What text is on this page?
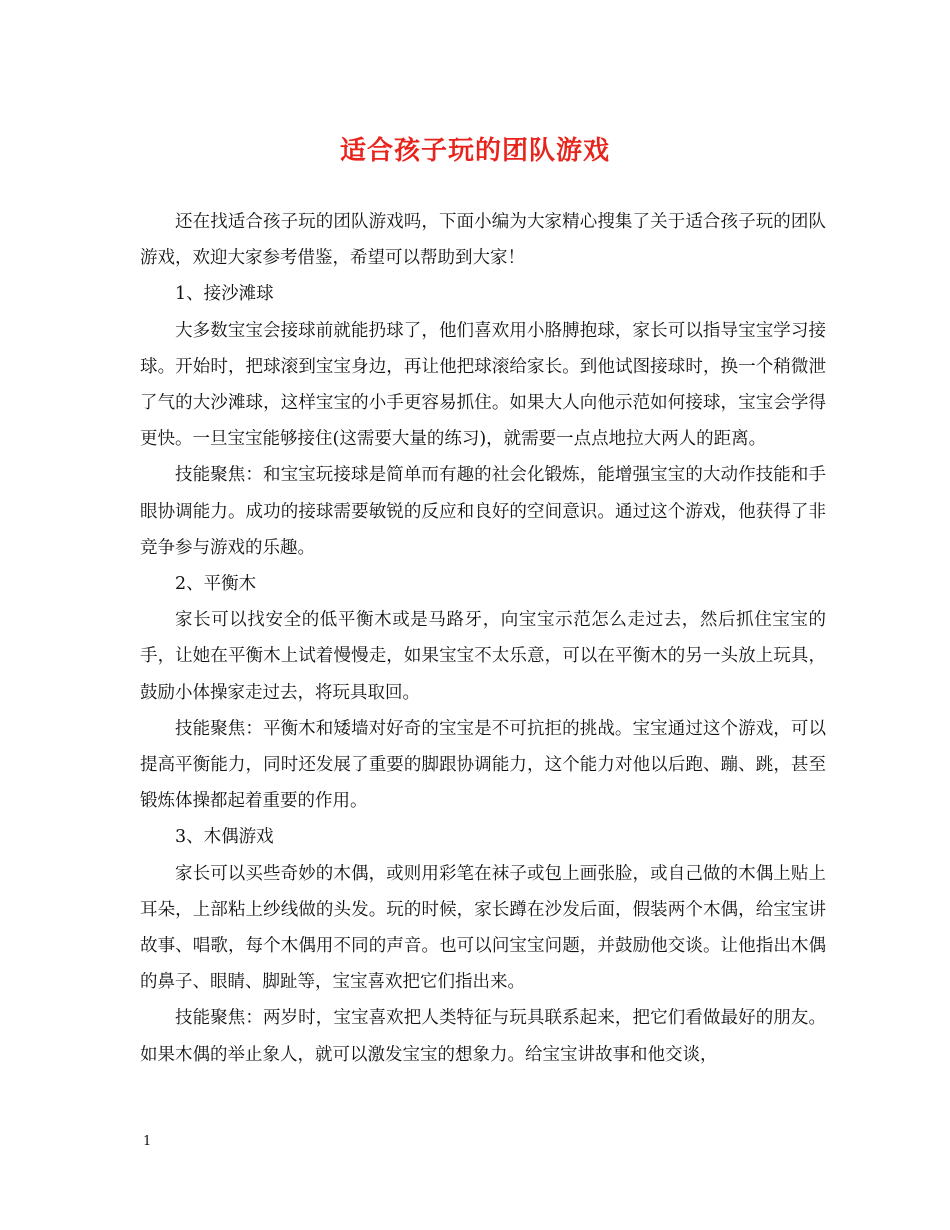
适合孩子玩的团队游戏

还在找适合孩子玩的团队游戏吗，下面小编为大家精心搜集了关于适合孩子玩的团队游戏，欢迎大家参考借鉴，希望可以帮助到大家！

1、接沙滩球

大多数宝宝会接球前就能扔球了，他们喜欢用小胳膊抱球，家长可以指导宝宝学习接球。开始时，把球滚到宝宝身边，再让他把球滚给家长。到他试图接球时，换一个稍微泄了气的大沙滩球，这样宝宝的小手更容易抓住。如果大人向他示范如何接球，宝宝会学得更快。一旦宝宝能够接住(这需要大量的练习)，就需要一点点地拉大两人的距离。

技能聚焦：和宝宝玩接球是简单而有趣的社会化锻炼，能增强宝宝的大动作技能和手眼协调能力。成功的接球需要敏锐的反应和良好的空间意识。通过这个游戏，他获得了非竞争参与游戏的乐趣。

2、平衡木

家长可以找安全的低平衡木或是马路牙，向宝宝示范怎么走过去，然后抓住宝宝的手，让她在平衡木上试着慢慢走，如果宝宝不太乐意，可以在平衡木的另一头放上玩具，鼓励小体操家走过去，将玩具取回。

技能聚焦：平衡木和矮墙对好奇的宝宝是不可抗拒的挑战。宝宝通过这个游戏，可以提高平衡能力，同时还发展了重要的脚跟协调能力，这个能力对他以后跑、蹦、跳，甚至锻炼体操都起着重要的作用。

3、木偶游戏

家长可以买些奇妙的木偶，或则用彩笔在袜子或包上画张脸，或自己做的木偶上贴上耳朵，上部粘上纱线做的头发。玩的时候，家长蹲在沙发后面，假装两个木偶，给宝宝讲故事、唱歌，每个木偶用不同的声音。也可以问宝宝问题，并鼓励他交谈。让他指出木偶的鼻子、眼睛、脚趾等，宝宝喜欢把它们指出来。

技能聚焦：两岁时，宝宝喜欢把人类特征与玩具联系起来，把它们看做最好的朋友。如果木偶的举止象人，就可以激发宝宝的想象力。给宝宝讲故事和他交谈，

1
